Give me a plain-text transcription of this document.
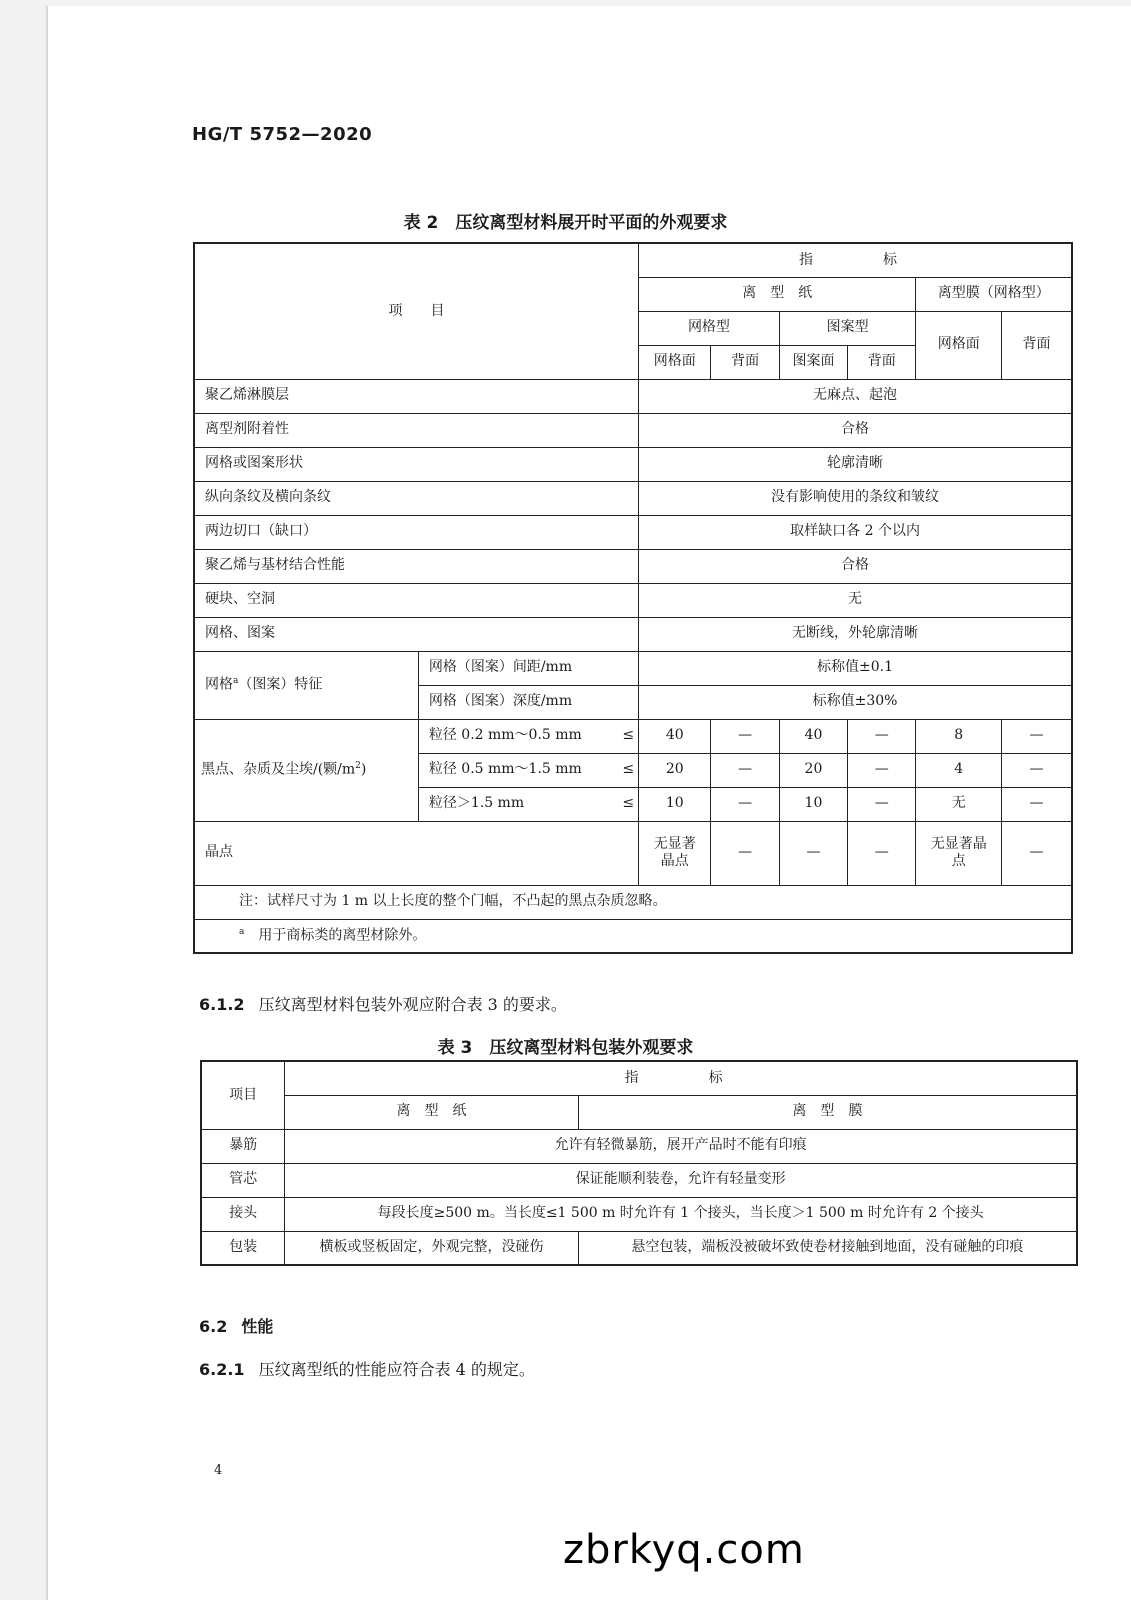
HG/T 5752—2020
表 2　压纹离型材料展开时平面的外观要求
项　　目		指　　标					
		离　型　纸				离型膜（网格型）	
		网格型		图案型		网格面	背面
		网格面	背面	图案面	背面		
聚乙烯淋膜层		无麻点、起泡					
离型剂附着性		合格					
网格或图案形状		轮廓清晰					
纵向条纹及横向条纹		没有影响使用的条纹和皱纹					
两边切口（缺口）		取样缺口各 2 个以内					
聚乙烯与基材结合性能		合格					
硬块、空洞		无					
网格、图案		无断线，外轮廓清晰					
网格$^a$（图案）特征	网格（图案）间距/mm	标称值±0.1					
	网格（图案）深度/mm	标称值±30%					
黑点、杂质及尘埃/(颗$/m^2$)	粒径 0.2 mm～0.5 mm ≤	40	—	40	—	8	—
	粒径 0.5 mm～1.5 mm ≤	20	—	20	—	4	—
	粒径＞1.5 mm ≤	10	—	10	—	无	—
晶点		无显著晶点	—	—	—	无显著晶点	—
注：试样尺寸为 1 m 以上长度的整个门幅，不凸起的黑点杂质忽略。							
$^a$　 用于商标类的离型材除外。							
6.1.2 压纹离型材料包装外观应附合表 3 的要求。
表 3　压纹离型材料包装外观要求
项目	指　　标	
	离　型　纸	离　型　膜
暴筋	允许有轻微暴筋，展开产品时不能有印痕	
管芯	保证能顺利装卷，允许有轻量变形	
接头	每段长度≥500 m。当长度≤1 500 m 时允许有 1 个接头，当长度＞1 500 m 时允许有 2 个接头	
包装	横板或竖板固定，外观完整，没碰伤	悬空包装，端板没被破坏致使卷材接触到地面，没有碰触的印痕
6.2 性能
6.2.1 压纹离型纸的性能应符合表 4 的规定。
4
zbrkyq.com
